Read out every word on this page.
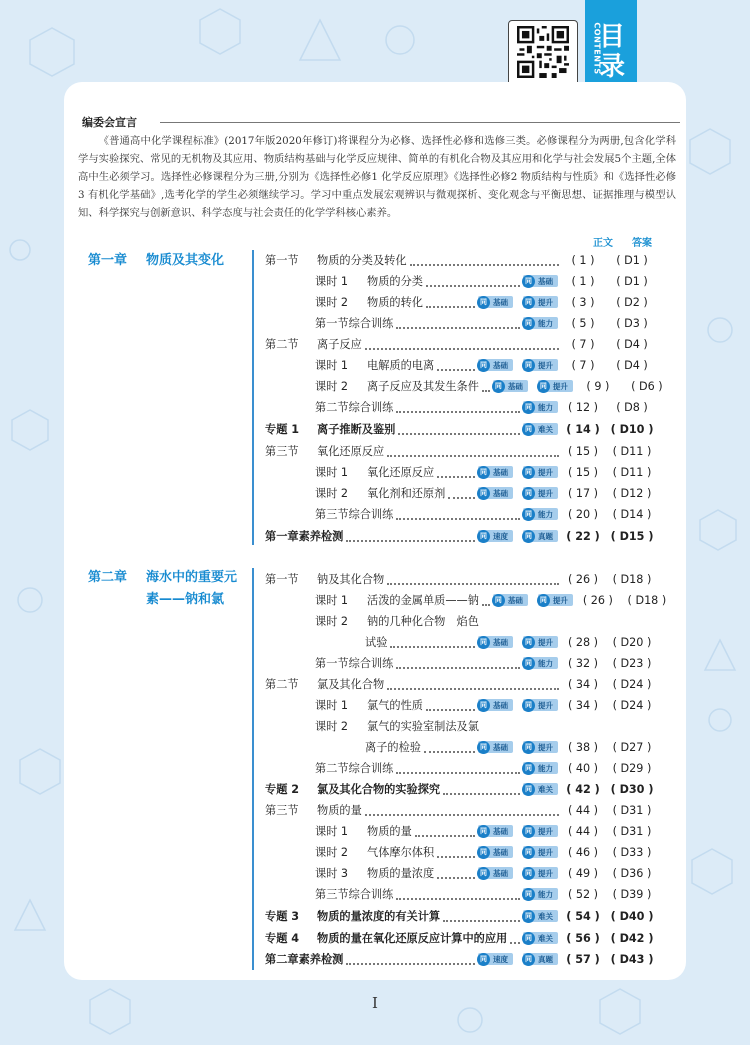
目录
CONTENTS
编委会宣言

《普通高中化学课程标准》(2017年版2020年修订)将课程分为必修、选择性必修和选修三类。必修课程分为两册,包含化学科学与实验探究、常见的无机物及其应用、物质结构基础与化学反应规律、简单的有机化合物及其应用和化学与社会发展5个主题,全体高中生必须学习。选择性必修课程分为三册,分别为《选择性必修1 化学反应原理》《选择性必修2 物质结构与性质》和《选择性必修3 有机化学基础》,选考化学的学生必须继续学习。学习中重点发展宏观辨识与微观探析、变化观念与平衡思想、证据推理与模型认知、科学探究与创新意识、科学态度与社会责任的化学学科核心素养。

正文 答案
第一章 物质及其变化
第二章 海水中的重要元
素——钠和氯
第一节	物质的分类及转化	( 1 )	( D1 )
课时 1	物质的分类	同 基础	( 1 )	( D1 )
课时 2	物质的转化	同 基础	同 提升	( 3 )	( D2 )
第一节综合训练	同 能力	( 5 )	( D3 )
第二节	离子反应	( 7 )	( D4 )
课时 1	电解质的电离	同 基础	同 提升	( 7 )	( D4 )
课时 2	离子反应及其发生条件	同 基础	同 提升	( 9 )	( D6 )
第二节综合训练	同 能力	( 12 )	( D8 )
专题 1	离子推断及鉴别	同 难关	( 14 ) ( D10 )
第三节	氧化还原反应	( 15 )	( D11 )
课时 1	氧化还原反应	同 基础	同 提升	( 15 )	( D11 )
课时 2	氧化剂和还原剂	同 基础	同 提升	( 17 )	( D12 )
第三节综合训练	同 能力	( 20 )	( D14 )
第一章素养检测	同 速度	同 真题	( 22 ) ( D15 )
第一节	钠及其化合物	( 26 )	( D18 )
课时 1	活泼的金属单质——钠	同 基础	同 提升	( 26 )	( D18 )
课时 2	钠的几种化合物　焰色
试验	同 基础	同 提升	( 28 )	( D20 )
第一节综合训练	同 能力	( 32 )	( D23 )
第二节	氯及其化合物	( 34 )	( D24 )
课时 1	氯气的性质	同 基础	同 提升	( 34 )	( D24 )
课时 2	氯气的实验室制法及氯
离子的检验	同 基础	同 提升	( 38 )	( D27 )
第二节综合训练	同 能力	( 40 )	( D29 )
专题 2	氯及其化合物的实验探究	同 难关	( 42 ) ( D30 )
第三节	物质的量	( 44 )	( D31 )
课时 1	物质的量	同 基础	同 提升	( 44 )	( D31 )
课时 2	气体摩尔体积	同 基础	同 提升	( 46 )	( D33 )
课时 3	物质的量浓度	同 基础	同 提升	( 49 )	( D36 )
第三节综合训练	同 能力	( 52 )	( D39 )
专题 3	物质的量浓度的有关计算	同 难关	( 54 ) ( D40 )
专题 4	物质的量在氧化还原反应计算中的应用	同 难关	( 56 ) ( D42 )
第二章素养检测	同 速度	同 真题	( 57 ) ( D43 )
I
